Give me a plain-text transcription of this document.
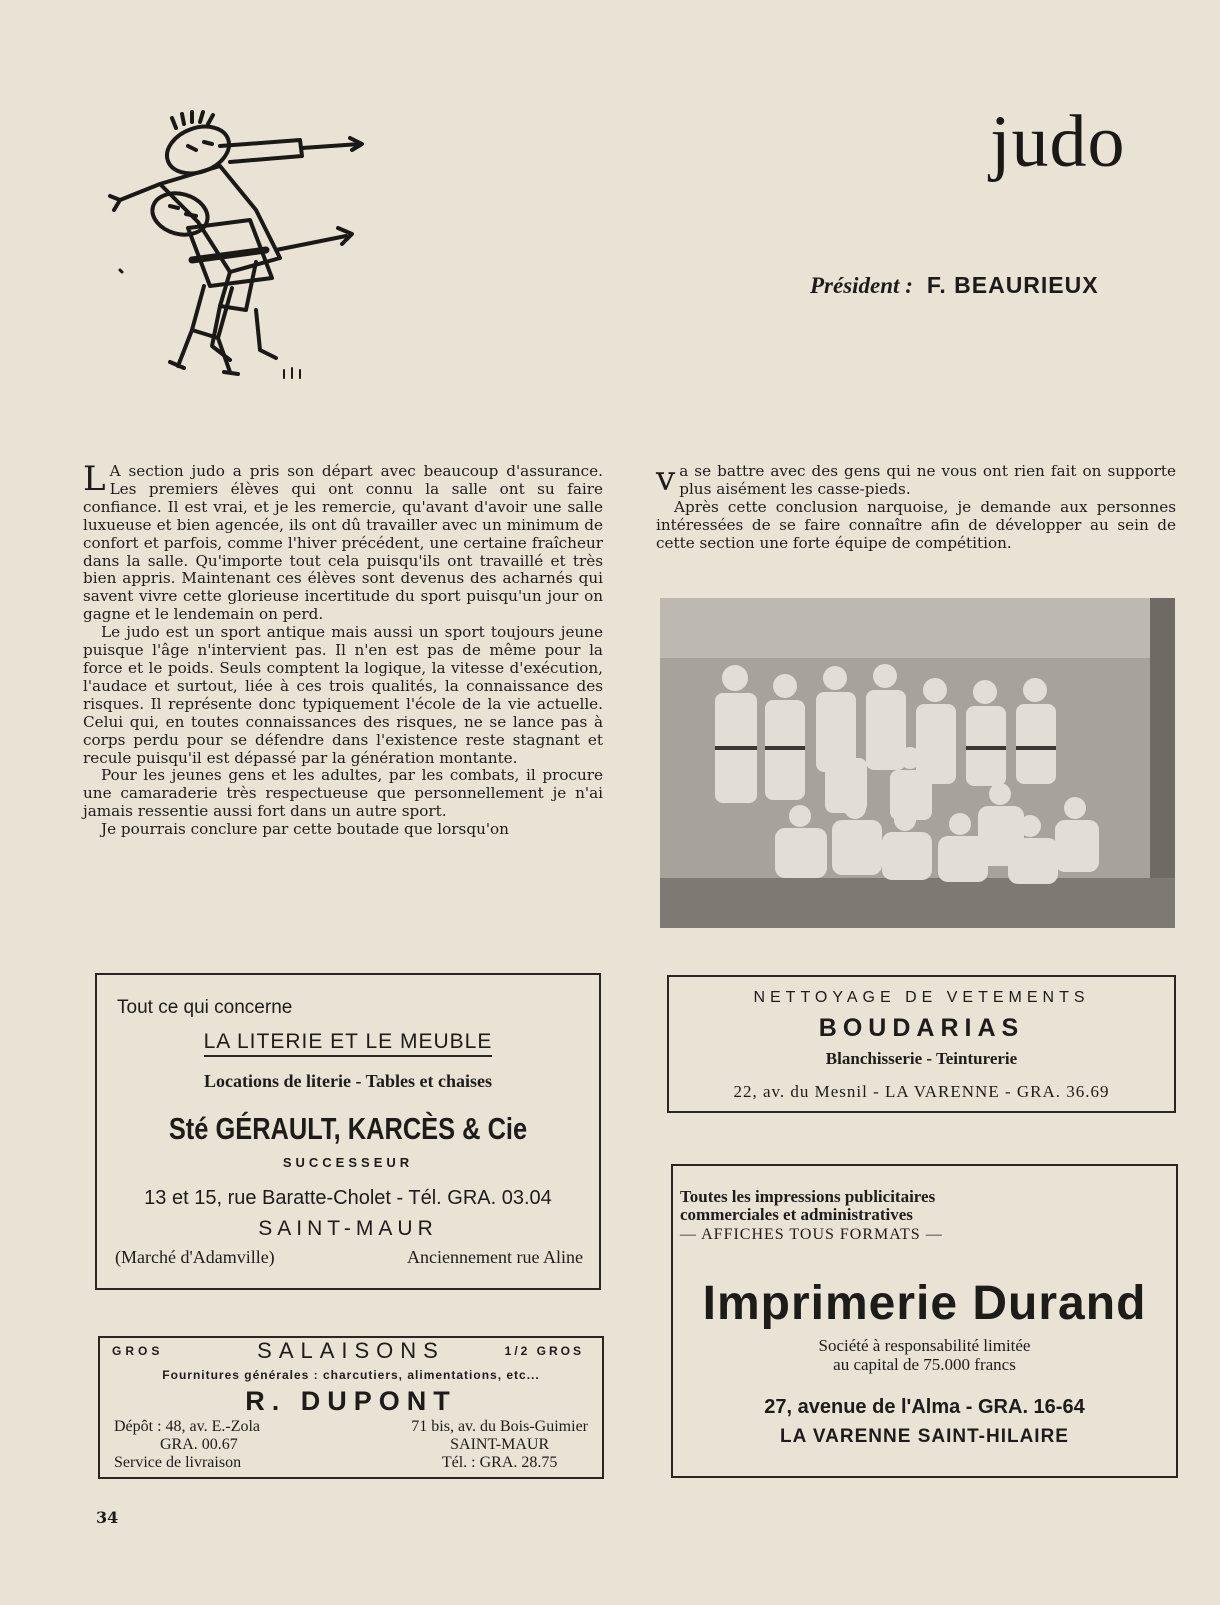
judo
Président : F. BEAURIEUX

LA section judo a pris son départ avec beaucoup d'assurance. Les premiers élèves qui ont connu la salle ont su faire confiance. Il est vrai, et je les remercie, qu'avant d'avoir une salle luxueuse et bien agencée, ils ont dû travailler avec un minimum de confort et parfois, comme l'hiver précédent, une certaine fraîcheur dans la salle. Qu'importe tout cela puisqu'ils ont travaillé et très bien appris. Maintenant ces élèves sont devenus des acharnés qui savent vivre cette glorieuse incertitude du sport puisqu'un jour on gagne et le lendemain on perd.

Le judo est un sport antique mais aussi un sport toujours jeune puisque l'âge n'intervient pas. Il n'en est pas de même pour la force et le poids. Seuls comptent la logique, la vitesse d'exécution, l'audace et surtout, liée à ces trois qualités, la connaissance des risques. Il représente donc typiquement l'école de la vie actuelle. Celui qui, en toutes connaissances des risques, ne se lance pas à corps perdu pour se défendre dans l'existence reste stagnant et recule puisqu'il est dépassé par la génération montante.

Pour les jeunes gens et les adultes, par les combats, il procure une camaraderie très respectueuse que personnellement je n'ai jamais ressentie aussi fort dans un autre sport.

Je pourrais conclure par cette boutade que lorsqu'on

va se battre avec des gens qui ne vous ont rien fait on supporte plus aisément les casse-pieds.

Après cette conclusion narquoise, je demande aux personnes intéressées de se faire connaître afin de développer au sein de cette section une forte équipe de compétition.

Tout ce qui concerne
LA LITERIE ET LE MEUBLE
Locations de literie - Tables et chaises
Sté GÉRAULT, KARCÈS & Cie
SUCCESSEUR
13 et 15, rue Baratte-Cholet - Tél. GRA. 03.04
SAINT-MAUR
(Marché d'Adamville)	Anciennement rue Aline
NETTOYAGE DE VETEMENTS
BOUDARIAS
Blanchisserie - Teinturerie
22, av. du Mesnil - LA VARENNE - GRA. 36.69
Toutes les impressions publicitaires
commerciales et administratives
— AFFICHES TOUS FORMATS —
Imprimerie Durand
Société à responsabilité limitée
au capital de 75.000 francs
27, avenue de l'Alma - GRA. 16-64
LA VARENNE SAINT-HILAIRE
SALAISONS
GROS	1/2 GROS
Fournitures générales : charcutiers, alimentations, etc...
R. DUPONT
Dépôt : 48, av. E.-Zola
GRA. 00.67
Service de livraison
71 bis, av. du Bois-Guimier
SAINT-MAUR
Tél. : GRA. 28.75
34
